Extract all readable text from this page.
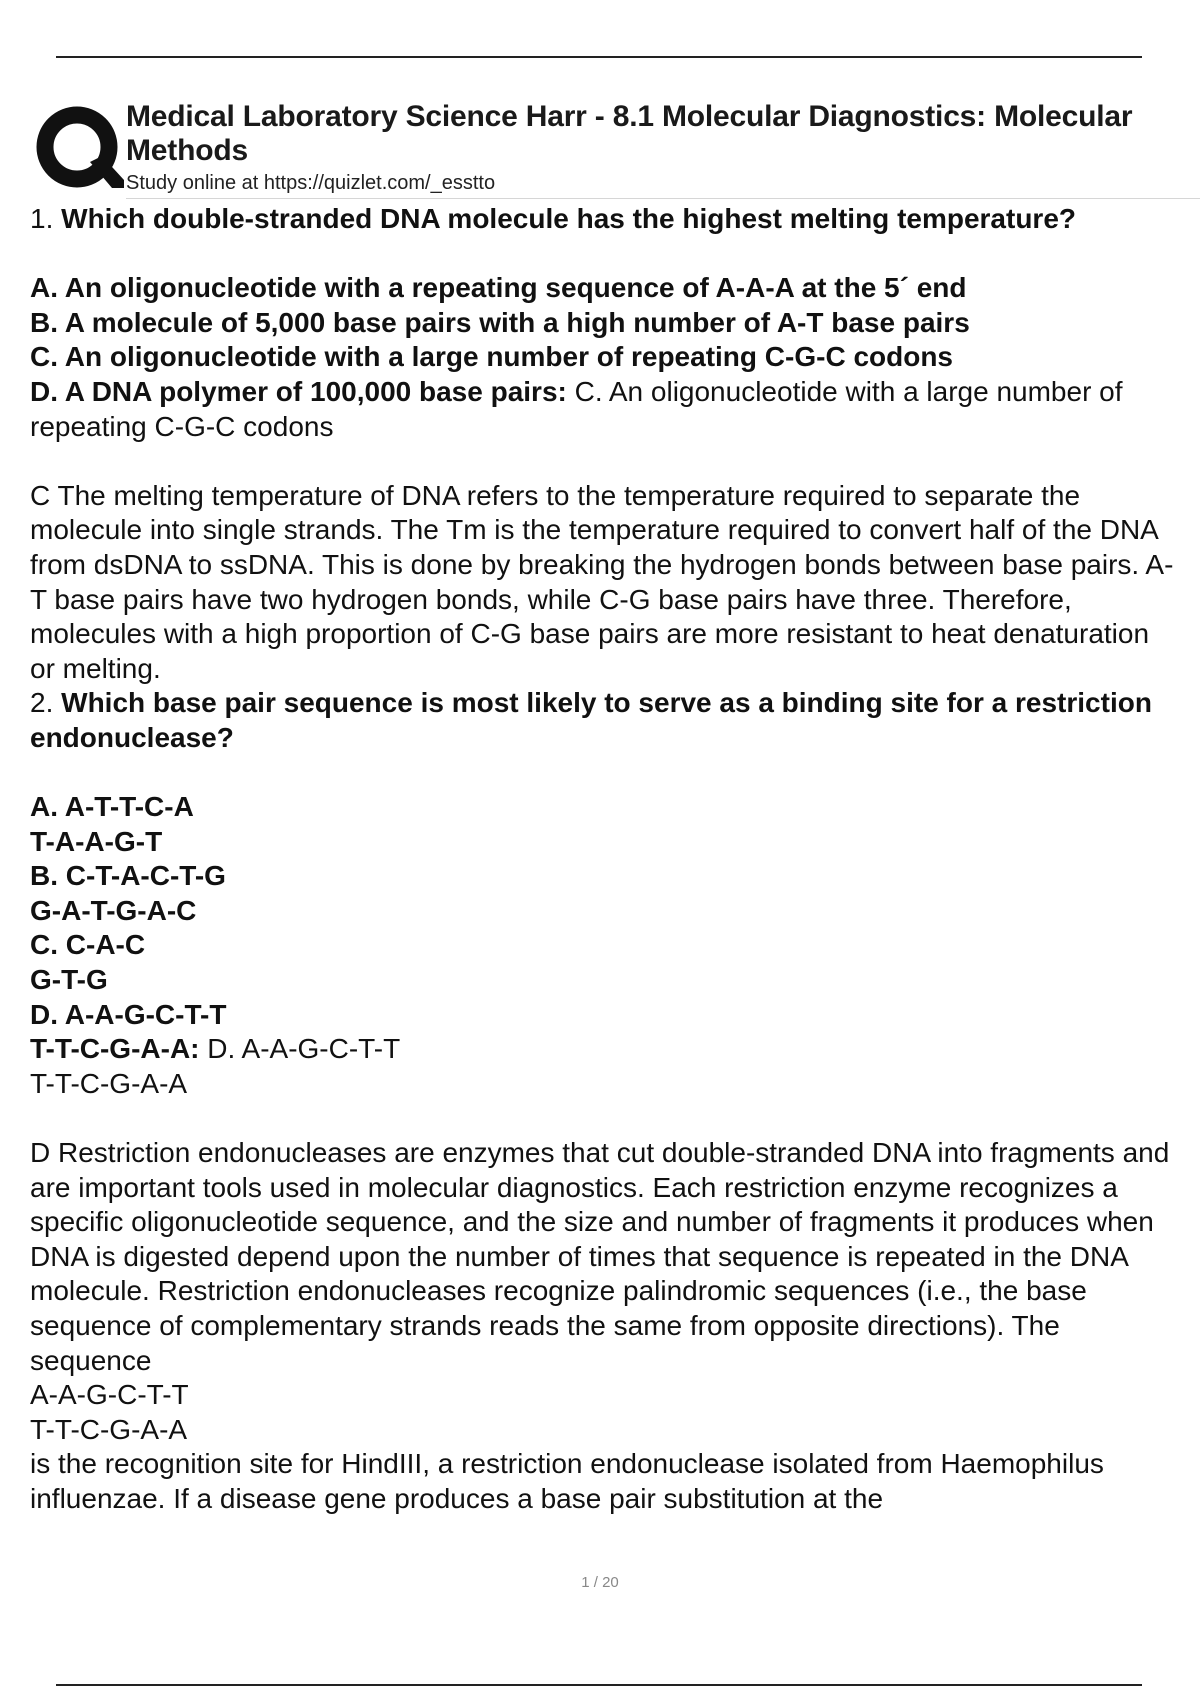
Medical Laboratory Science Harr - 8.1 Molecular Diagnostics: Molecular Methods
Study online at https://quizlet.com/_esstto

1. Which double-stranded DNA molecule has the highest melting temperature?

A. An oligonucleotide with a repeating sequence of A-A-A at the 5´ end

B. A molecule of 5,000 base pairs with a high number of A-T base pairs

C. An oligonucleotide with a large number of repeating C-G-C codons

D. A DNA polymer of 100,000 base pairs: C. An oligonucleotide with a large number of repeating C-G-C codons

C The melting temperature of DNA refers to the temperature required to separate the molecule into single strands. The Tm is the temperature required to convert half of the DNA from dsDNA to ssDNA. This is done by breaking the hydrogen bonds between base pairs. A-T base pairs have two hydrogen bonds, while C-G base pairs have three. Therefore, molecules with a high proportion of C-G base pairs are more resistant to heat denaturation or melting.

2. Which base pair sequence is most likely to serve as a binding site for a restriction endonuclease?

A. A-T-T-C-A

T-A-A-G-T

B. C-T-A-C-T-G

G-A-T-G-A-C

C. C-A-C

G-T-G

D. A-A-G-C-T-T

T-T-C-G-A-A: D. A-A-G-C-T-T

T-T-C-G-A-A

D Restriction endonucleases are enzymes that cut double-stranded DNA into fragments and are important tools used in molecular diagnostics. Each restriction enzyme recognizes a specific oligonucleotide sequence, and the size and number of fragments it produces when DNA is digested depend upon the number of times that sequence is repeated in the DNA molecule. Restriction endonucleases recognize palindromic sequences (i.e., the base sequence of complementary strands reads the same from opposite directions). The sequence

A-A-G-C-T-T

T-T-C-G-A-A

is the recognition site for HindIII, a restriction endonuclease isolated from Haemophilus influenzae. If a disease gene produces a base pair substitution at the

1 / 20
